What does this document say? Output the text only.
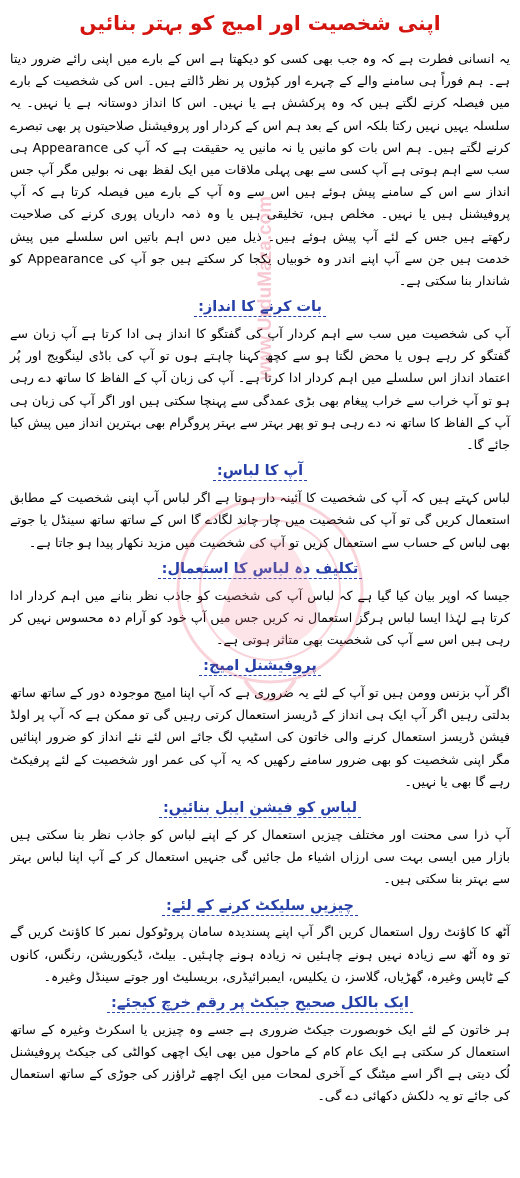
www.UrduMaza.com
اپنی شخصیت اور امیج کو بہتر بنائیں

یہ انسانی فطرت ہے کہ وہ جب بھی کسی کو دیکھتا ہے اس کے بارے میں اپنی رائے ضرور دیتا ہے۔ ہم فوراً ہی سامنے والے کے چہرے اور کپڑوں پر نظر ڈالتے ہیں۔ اس کی شخصیت کے بارے میں فیصلہ کرنے لگتے ہیں کہ وہ پرکشش ہے یا نہیں۔ اس کا انداز دوستانہ ہے یا نہیں۔ یہ سلسلہ یہیں نہیں رکتا بلکہ اس کے بعد ہم اس کے کردار اور پروفیشنل صلاحیتوں پر بھی تبصرے کرنے لگتے ہیں۔ ہم اس بات کو مانیں یا نہ مانیں یہ حقیقت ہے کہ آپ کی Appearance ہی سب سے اہم ہوتی ہے آپ کسی سے بھی پہلی ملاقات میں ایک لفظ بھی نہ بولیں مگر آپ جس انداز سے اس کے سامنے پیش ہوئے ہیں اس سے وہ آپ کے بارے میں فیصلہ کرتا ہے کہ آپ پروفیشنل ہیں یا نہیں۔ مخلص ہیں، تخلیقی ہیں یا وہ ذمہ داریاں پوری کرنے کی صلاحیت رکھتے ہیں جس کے لئے آپ پیش ہوئے ہیں۔ ذیل میں دس اہم باتیں اس سلسلے میں پیش خدمت ہیں جن سے آپ اپنے اندر وہ خوبیاں یکجا کر سکتے ہیں جو آپ کی Appearance کو شاندار بنا سکتی ہے۔

بات کرنے کا انداز:

آپ کی شخصیت میں سب سے اہم کردار آپ کی گفتگو کا انداز ہی ادا کرتا ہے آپ زبان سے گفتگو کر رہے ہوں یا محض لگتا ہو سے کچھ کہنا چاہتے ہوں تو آپ کی باڈی لینگویج اور پُر اعتماد انداز اس سلسلے میں اہم کردار ادا کرتا ہے۔ آپ کی زبان آپ کے الفاظ کا ساتھ دے رہی ہو تو آپ خراب سے خراب پیغام بھی بڑی عمدگی سے پہنچا سکتی ہیں اور اگر آپ کی زبان ہی آپ کے الفاظ کا ساتھ نہ دے رہی ہو تو پھر بہتر سے بہتر پروگرام بھی بہترین انداز میں پیش کیا جائے گا۔

آپ کا لباس:

لباس کہتے ہیں کہ آپ کی شخصیت کا آئینہ دار ہوتا ہے اگر لباس آپ اپنی شخصیت کے مطابق استعمال کریں گی تو آپ کی شخصیت میں چار چاند لگادے گا اس کے ساتھ ساتھ سینڈل یا جوتے بھی لباس کے حساب سے استعمال کریں تو آپ کی شخصیت میں مزید نکھار پیدا ہو جاتا ہے۔

تکلیف دہ لباس کا استعمال:

جیسا کہ اوپر بیان کیا گیا ہے کہ لباس آپ کی شخصیت کو جاذب نظر بنانے میں اہم کردار ادا کرتا ہے لہٰذا ایسا لباس ہرگز استعمال نہ کریں جس میں آپ خود کو آرام دہ محسوس نہیں کر رہی ہیں اس سے آپ کی شخصیت بھی متاثر ہوتی ہے۔

پروفیشنل امیج:

اگر آپ بزنس وومن ہیں تو آپ کے لئے یہ ضروری ہے کہ آپ اپنا امیج موجودہ دور کے ساتھ ساتھ بدلتی رہیں اگر آپ ایک ہی انداز کے ڈریسز استعمال کرتی رہیں گی تو ممکن ہے کہ آپ پر اولڈ فیشن ڈریسز استعمال کرنے والی خاتون کی اسٹیپ لگ جائے اس لئے نئے انداز کو ضرور اپنائیں مگر اپنی شخصیت کو بھی ضرور سامنے رکھیں کہ یہ آپ کی عمر اور شخصیت کے لئے پرفیکٹ رہے گا بھی یا نہیں۔

لباس کو فیشن ایبل بنائیں:

آپ ذرا سی محنت اور مختلف چیزیں استعمال کر کے اپنے لباس کو جاذب نظر بنا سکتی ہیں بازار میں ایسی بہت سی ارزاں اشیاء مل جائیں گی جنہیں استعمال کر کے آپ اپنا لباس بہتر سے بہتر بنا سکتی ہیں۔

چیزیں سلیکٹ کرنے کے لئے:

آٹھ کا کاؤنٹ رول استعمال کریں اگر آپ اپنے پسندیدہ سامان پروٹوکول نمبر کا کاؤنٹ کریں گے تو وہ آٹھ سے زیادہ نہیں ہونے چاہئیں نہ زیادہ ہونے چاہئیں۔ بیلٹ، ڈیکوریشن، رنگس، کانوں کے ٹاپس وغیرہ، گھڑیاں، گلاسز، ن یکلیس، ایمبرائیڈری، بریسلیٹ اور جوتے سینڈل وغیرہ۔

ایک بالکل صحیح جیکٹ پر رقم خرچ کیجئے:

ہر خاتون کے لئے ایک خوبصورت جیکٹ ضروری ہے جسے وہ چیزیں یا اسکرٹ وغیرہ کے ساتھ استعمال کر سکتی ہے ایک عام کام کے ماحول میں بھی ایک اچھی کوالٹی کی جیکٹ پروفیشنل لُک دیتی ہے اگر اسے میٹنگ کے آخری لمحات میں ایک اچھے ٹراؤزر کی جوڑی کے ساتھ استعمال کی جائے تو یہ دلکش دکھائی دے گی۔
